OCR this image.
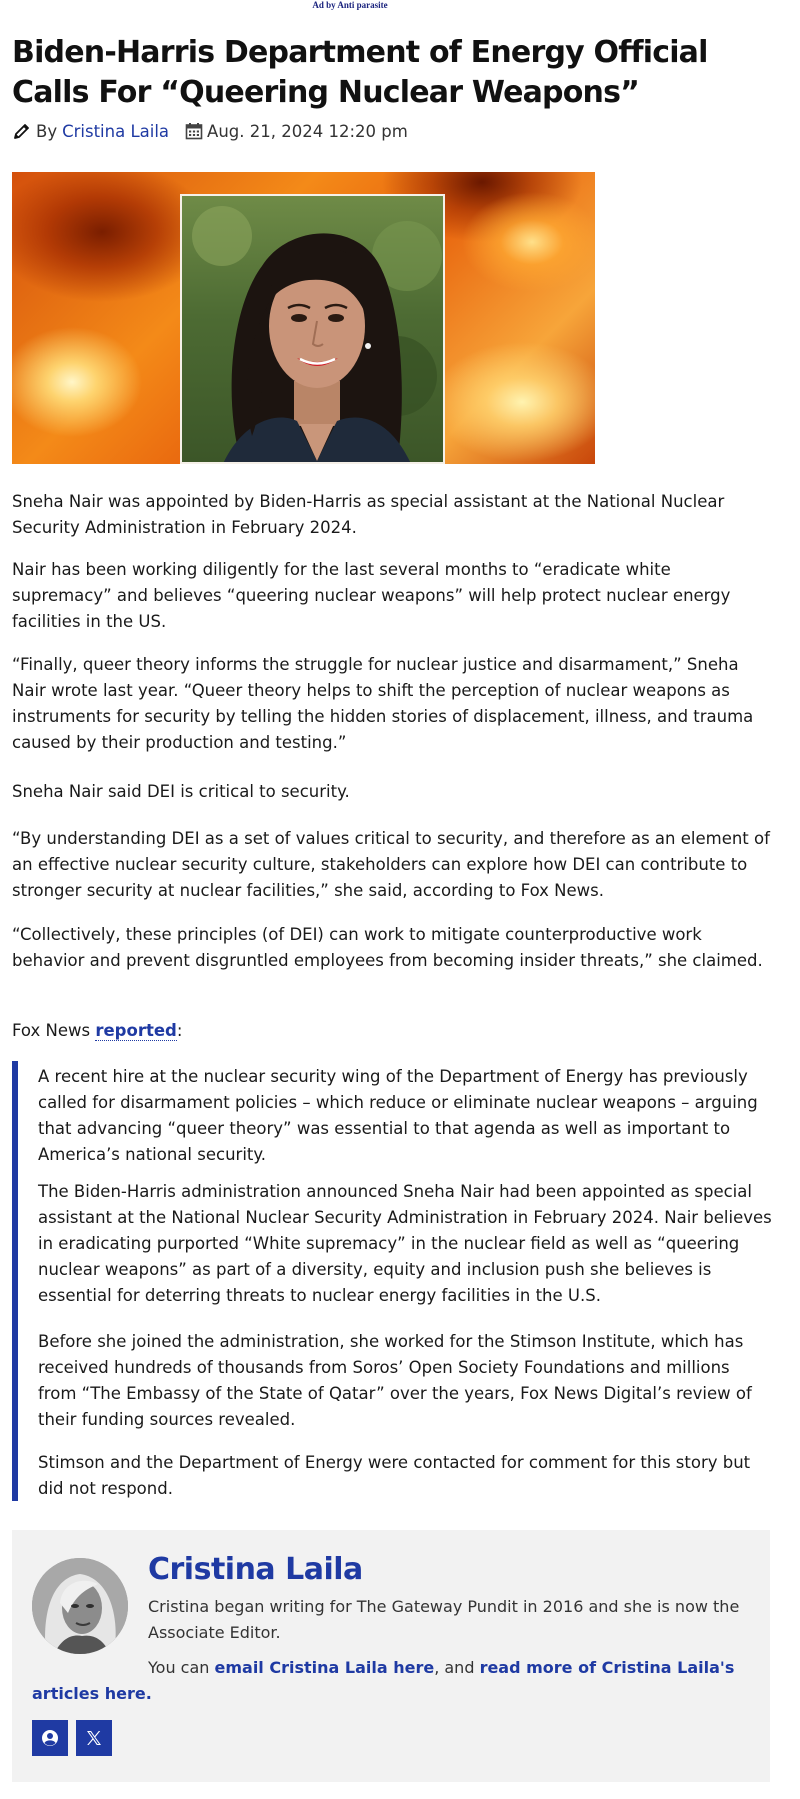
Ad by Anti parasite
Biden-Harris Department of Energy Official Calls For “Queering Nuclear Weapons”
By Cristina Laila Aug. 21, 2024 12:20 pm

Sneha Nair was appointed by Biden-Harris as special assistant at the National Nuclear Security Administration in February 2024.

Nair has been working diligently for the last several months to “eradicate white supremacy” and believes “queering nuclear weapons” will help protect nuclear energy facilities in the US.

“Finally, queer theory informs the struggle for nuclear justice and disarmament,” Sneha Nair wrote last year. “Queer theory helps to shift the perception of nuclear weapons as instruments for security by telling the hidden stories of displacement, illness, and trauma caused by their production and testing.”

Sneha Nair said DEI is critical to security.

“By understanding DEI as a set of values critical to security, and therefore as an element of an effective nuclear security culture, stakeholders can explore how DEI can contribute to stronger security at nuclear facilities,” she said, according to Fox News.

“Collectively, these principles (of DEI) can work to mitigate counterproductive work behavior and prevent disgruntled employees from becoming insider threats,” she claimed.

Fox News reported:

A recent hire at the nuclear security wing of the Department of Energy has previously called for disarmament policies – which reduce or eliminate nuclear weapons – arguing that advancing “queer theory” was essential to that agenda as well as important to America’s national security.

The Biden-Harris administration announced Sneha Nair had been appointed as special assistant at the National Nuclear Security Administration in February 2024. Nair believes in eradicating purported “White supremacy” in the nuclear field as well as “queering nuclear weapons” as part of a diversity, equity and inclusion push she believes is essential for deterring threats to nuclear energy facilities in the U.S.

Before she joined the administration, she worked for the Stimson Institute, which has received hundreds of thousands from Soros’ Open Society Foundations and millions from “The Embassy of the State of Qatar” over the years, Fox News Digital’s review of their funding sources revealed.

Stimson and the Department of Energy were contacted for comment for this story but did not respond.

Cristina Laila

Cristina began writing for The Gateway Pundit in 2016 and she is now the Associate Editor.

You can email Cristina Laila here, and read more of Cristina Laila's articles here.
